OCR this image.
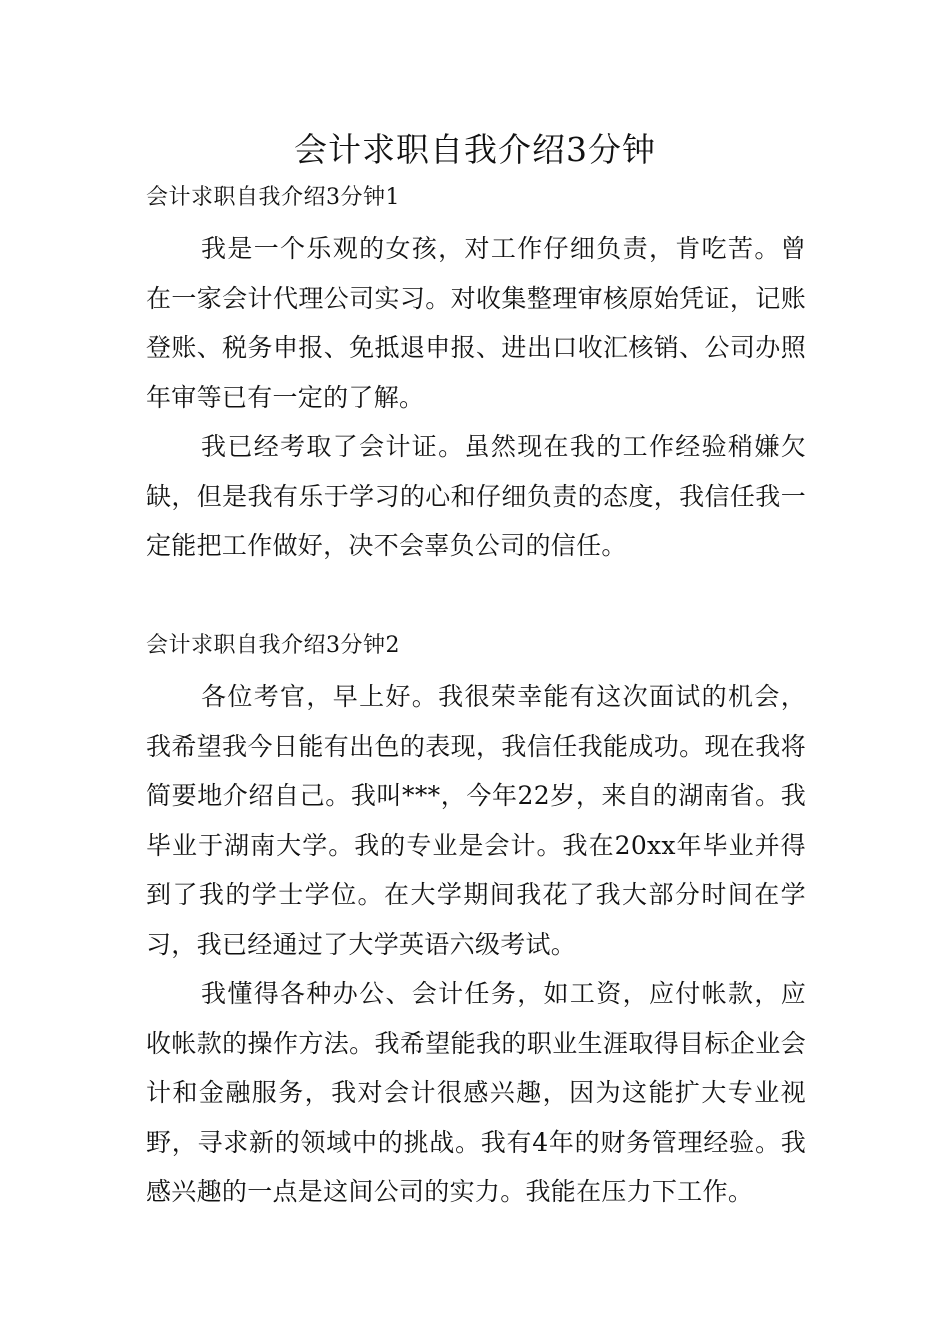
会计求职自我介绍3分钟
会计求职自我介绍3分钟1
我是一个乐观的女孩，对工作仔细负责，肯吃苦。曾在一家会计代理公司实习。对收集整理审核原始凭证，记账登账、税务申报、免抵退申报、进出口收汇核销、公司办照年审等已有一定的了解。
我已经考取了会计证。虽然现在我的工作经验稍嫌欠缺，但是我有乐于学习的心和仔细负责的态度，我信任我一定能把工作做好，决不会辜负公司的信任。
会计求职自我介绍3分钟2
各位考官，早上好。我很荣幸能有这次面试的机会，我希望我今日能有出色的表现，我信任我能成功。现在我将简要地介绍自己。我叫***，今年22岁，来自的湖南省。我毕业于湖南大学。我的专业是会计。我在20xx年毕业并得到了我的学士学位。在大学期间我花了我大部分时间在学习，我已经通过了大学英语六级考试。
我懂得各种办公、会计任务，如工资，应付帐款，应收帐款的操作方法。我希望能我的职业生涯取得目标企业会计和金融服务，我对会计很感兴趣，因为这能扩大专业视野，寻求新的领域中的挑战。我有4年的财务管理经验。我感兴趣的一点是这间公司的实力。我能在压力下工作。
